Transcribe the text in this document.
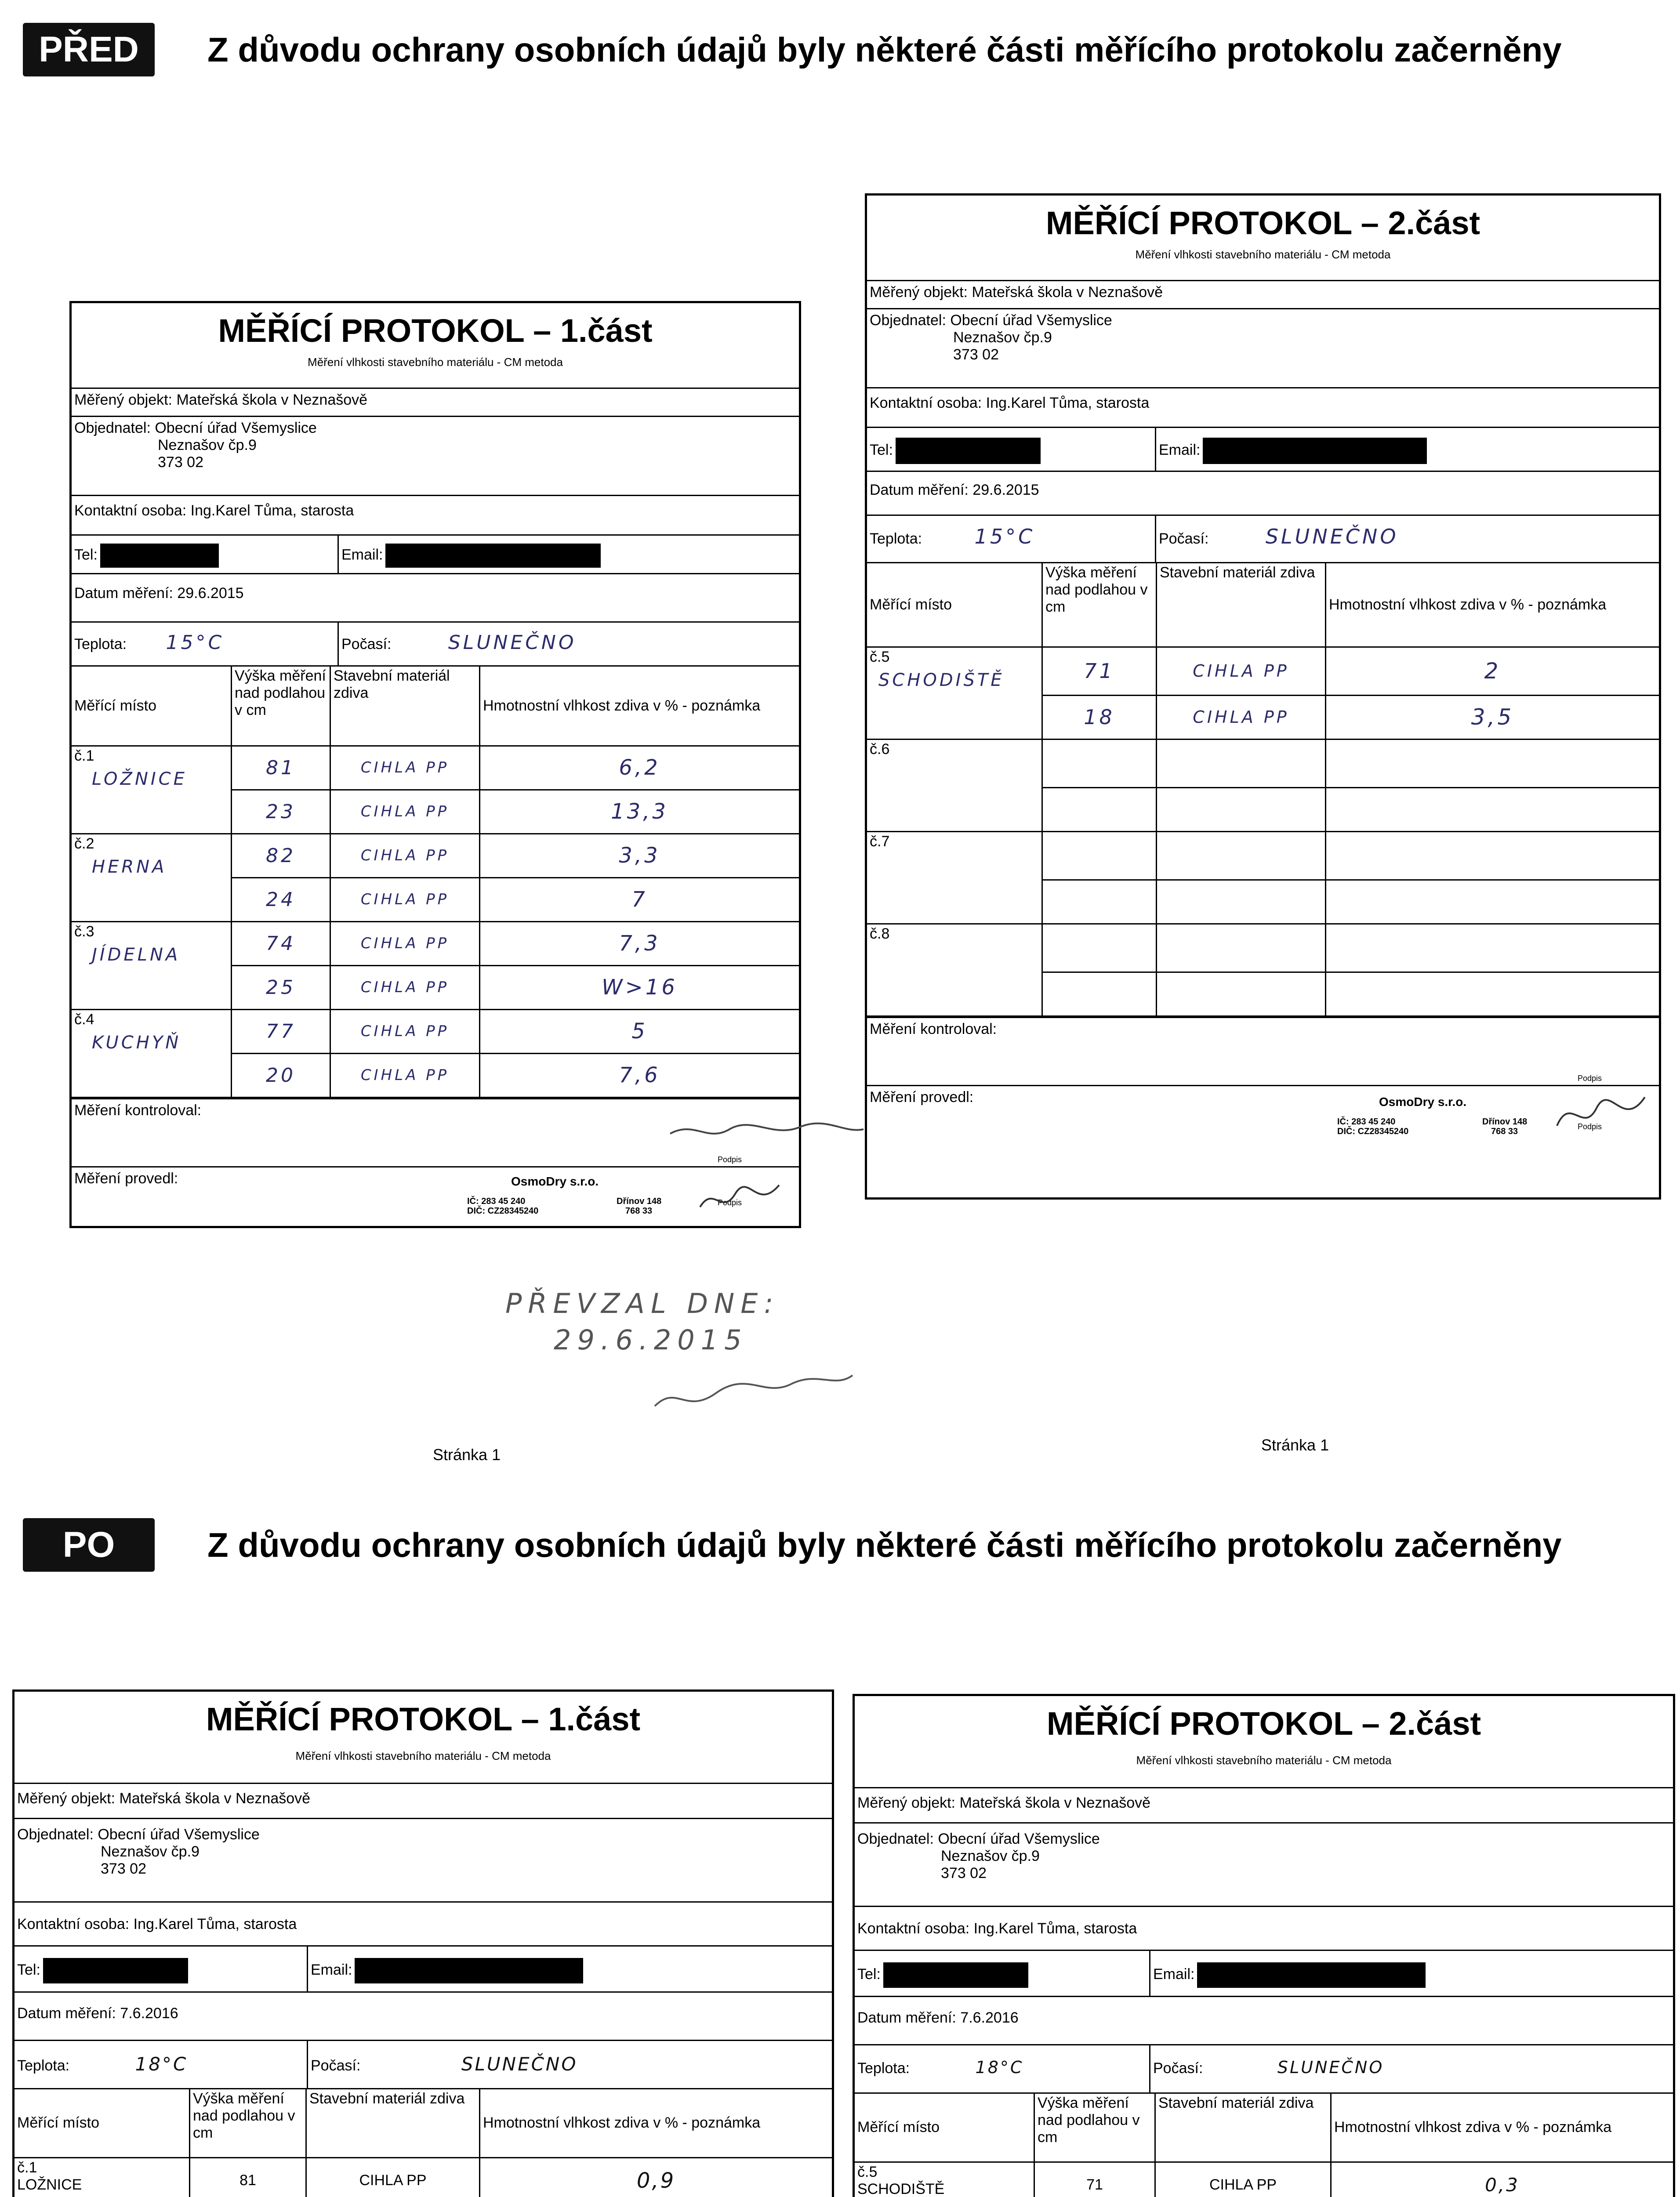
PŘED	Z důvodu ochrany osobních údajů byly některé části měřícího protokolu začerněny
MĚŘÍCÍ PROTOKOL – 1.část
Měření vlhkosti stavebního materiálu - CM metoda
Měřený objekt: Mateřská škola v Neznašově
Objednatel: Obecní úřad Všemyslice
Neznašov čp.9
373 02
Kontaktní osoba: Ing.Karel Tůma, starosta
Tel:	Email:
Datum měření: 29.6.2015
Teplota: 15°C	Počasí:	SLUNEČNO
Měřící místo	Výška měření nad podlahou v cm	Stavební materiál zdiva	Hmotnostní vlhkost zdiva v % - poznámka

č.1
LOŽNICE	81	CIHLA PP	6,2
	23	CIHLA PP	13,3

č.2
HERNA	82	CIHLA PP	3,3
	24	CIHLA PP	7

č.3
JÍDELNA	74	CIHLA PP	7,3
	25	CIHLA PP	W>16

č.4
KUCHYŇ	77	CIHLA PP	5
	20	CIHLA PP	7,6
Měření kontroloval:
Podpis
Měření provedl:	OsmoDry s.r.o.
IČ: 283 45 240
DIČ: CZ28345240
Dřínov 148
768 33
Podpis
PŘEVZAL DNE:
29.6.2015
Stránka 1
MĚŘÍCÍ PROTOKOL – 2.část
Měření vlhkosti stavebního materiálu - CM metoda
Měřený objekt: Mateřská škola v Neznašově
Objednatel: Obecní úřad Všemyslice
Neznašov čp.9
373 02
Kontaktní osoba: Ing.Karel Tůma, starosta
Tel:	Email:
Datum měření: 29.6.2015
Teplota:	15°C	Počasí:	SLUNEČNO
Měřící místo	Výška měření nad podlahou v cm	Stavební materiál zdiva	Hmotnostní vlhkost zdiva v % - poznámka

č.5
SCHODIŠTĚ	71	CIHLA PP	2
	18	CIHLA PP	3,5

č.6			

č.7			

č.8			

Měření kontroloval:
Podpis
Měření provedl:	OsmoDry s.r.o.
IČ: 283 45 240
DIČ: CZ28345240
Dřínov 148
768 33	Podpis
Stránka 1
PO	Z důvodu ochrany osobních údajů byly některé části měřícího protokolu začerněny
MĚŘÍCÍ PROTOKOL – 1.část
Měření vlhkosti stavebního materiálu - CM metoda
Měřený objekt: Mateřská škola v Neznašově
Objednatel: Obecní úřad Všemyslice
Neznašov čp.9
373 02
Kontaktní osoba: Ing.Karel Tůma, starosta
Tel:	Email:
Datum měření: 7.6.2016
Teplota:	18°C	Počasí:	SLUNEČNO
Měřící místo	Výška měření nad podlahou v cm	Stavební materiál zdiva	Hmotnostní vlhkost zdiva v % - poznámka

č.1
LOŽNICE	81	CIHLA PP	0,9

MĚŘÍCÍ PROTOKOL – 2.část
Měření vlhkosti stavebního materiálu - CM metoda
Měřený objekt: Mateřská škola v Neznašově
Objednatel: Obecní úřad Všemyslice
Neznašov čp.9
373 02
Kontaktní osoba: Ing.Karel Tůma, starosta
Tel:	Email:
Datum měření: 7.6.2016
Teplota:	18°C	Počasí:	SLUNEČNO
Měřící místo	Výška měření nad podlahou v cm	Stavební materiál zdiva	Hmotnostní vlhkost zdiva v % - poznámka

č.5
SCHODIŠTĚ	71	CIHLA PP	0,3
